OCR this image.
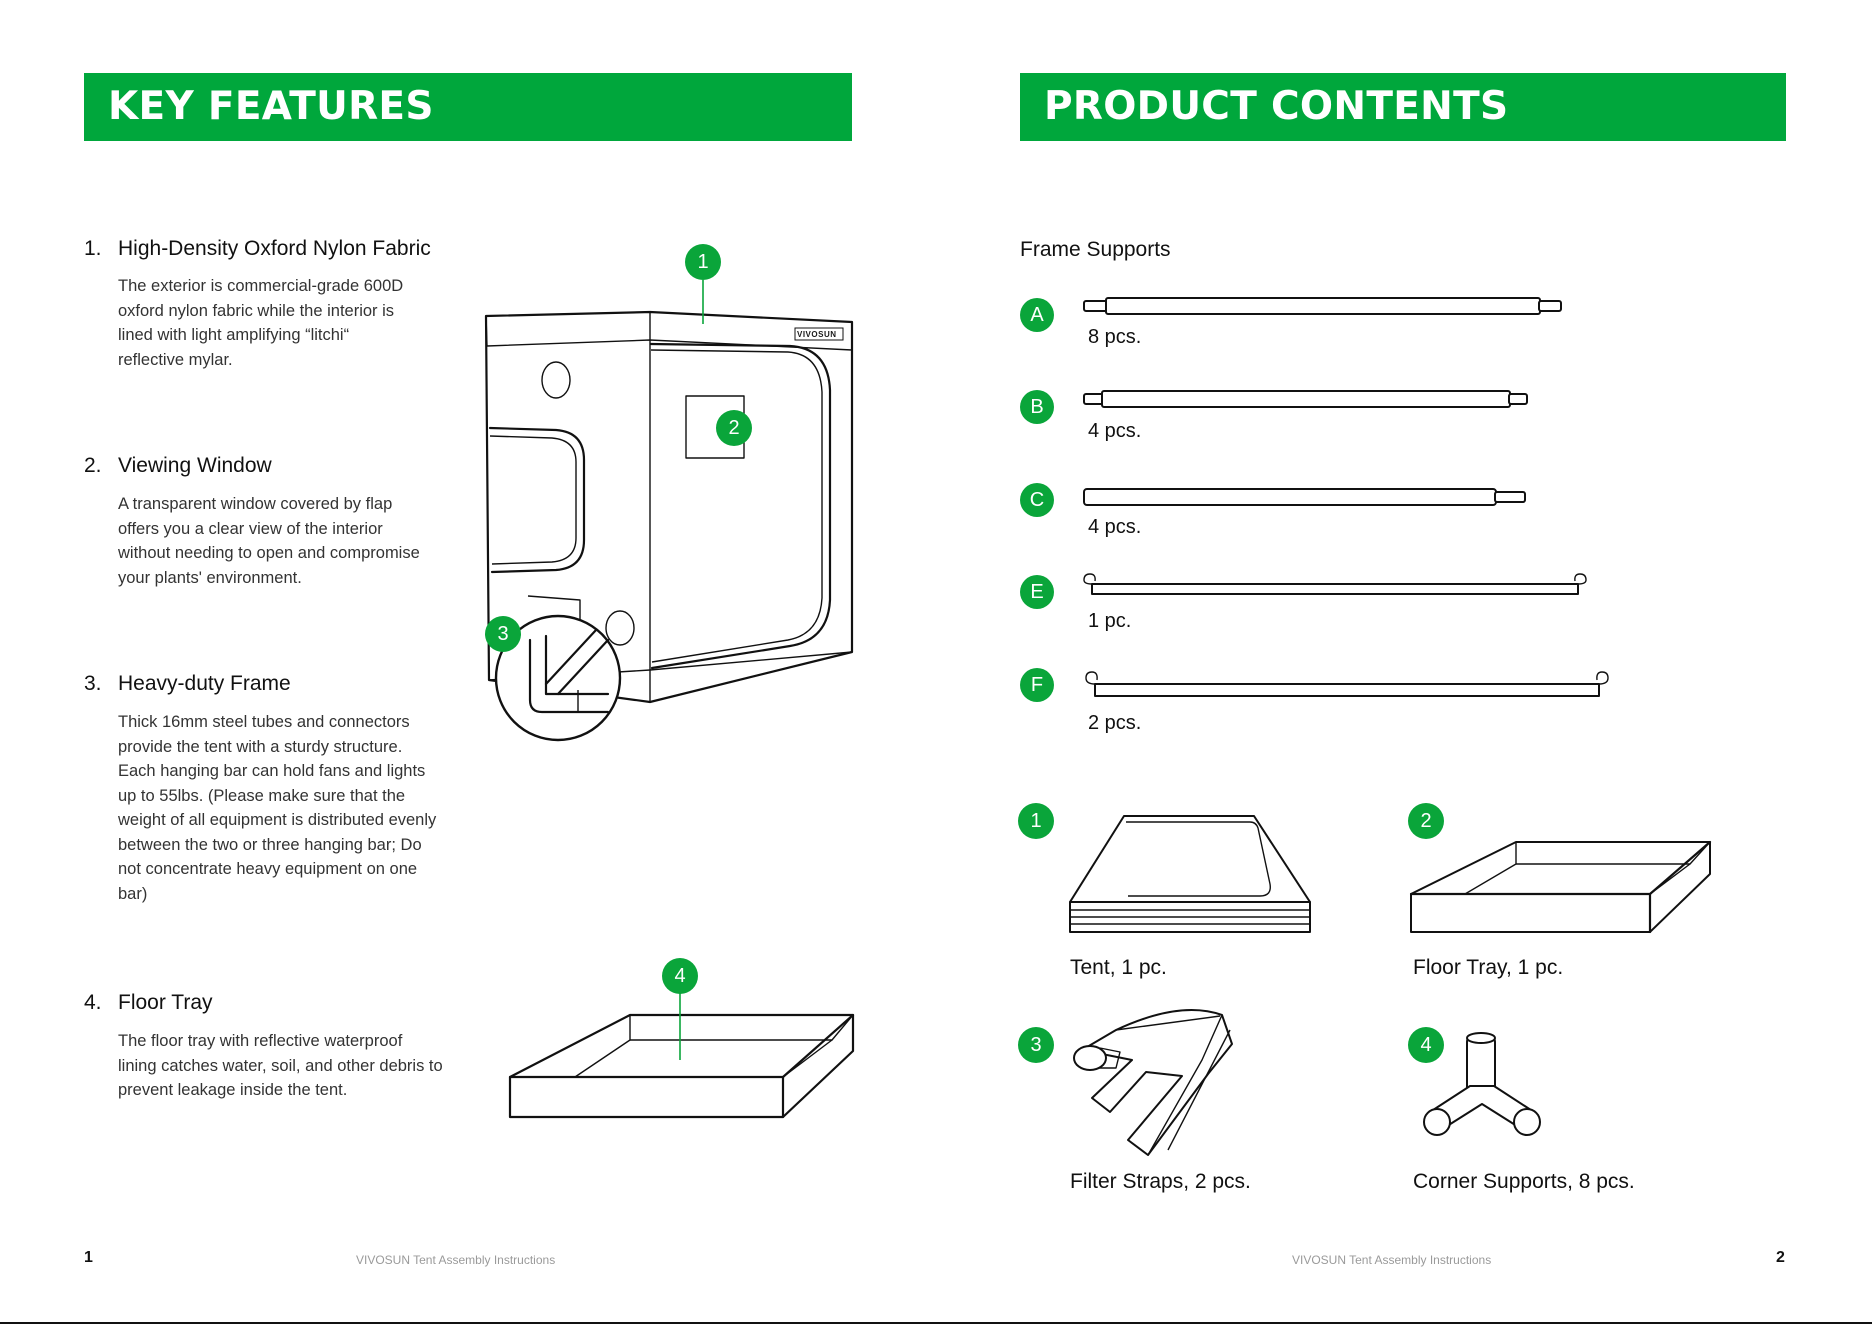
KEY FEATURES
1. High-Density Oxford Nylon Fabric
The exterior is commercial-grade 600D oxford nylon fabric while the interior is lined with light amplifying “litchi“ reflective mylar.
2. Viewing Window
A transparent window covered by flap offers you a clear view of the interior without needing to open and compromise your plants' environment.
3. Heavy-duty Frame
Thick 16mm steel tubes and connectors provide the tent with a sturdy structure. Each hanging bar can hold fans and lights up to 55lbs. (Please make sure that the weight of all equipment is distributed evenly between the two or three hanging bar; Do not concentrate heavy equipment on one bar)
4. Floor Tray
The floor tray with reflective waterproof lining catches water, soil, and other debris to prevent leakage inside the tent.
VIVOSUN
1
2
3
4
1	VIVOSUN Tent Assembly Instructions
PRODUCT CONTENTS
Frame Supports
A
8 pcs.
B
4 pcs.
C
4 pcs.
E
1 pc.
F
2 pcs.
1
Tent, 1 pc.
2
Floor Tray, 1 pc.
3
Filter Straps, 2 pcs.
4
Corner Supports, 8 pcs.
VIVOSUN Tent Assembly Instructions	2
